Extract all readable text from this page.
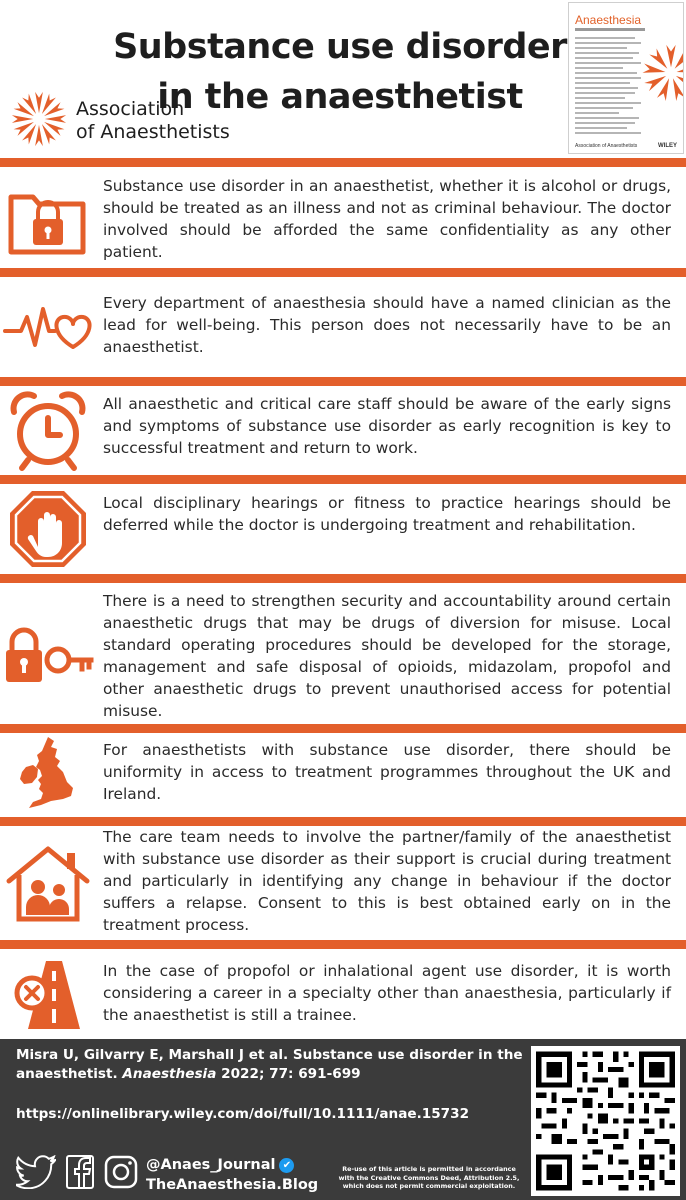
Substance use disorder
in the anaesthetist
Association
of Anaesthetists
Anaesthesia
Association of Anaesthetists	WILEY
Substance use disorder in an anaesthetist, whether it is alcohol or drugs, should be treated as an illness and not as criminal behaviour. The doctor involved should be afforded the same confidentiality as any other patient.
Every department of anaesthesia should have a named clinician as the lead for well-being. This person does not necessarily have to be an anaesthetist.
All anaesthetic and critical care staff should be aware of the early signs and symptoms of substance use disorder as early recognition is key to successful treatment and return to work.
Local disciplinary hearings or fitness to practice hearings should be deferred while the doctor is undergoing treatment and rehabilitation.
There is a need to strengthen security and accountability around certain anaesthetic drugs that may be drugs of diversion for misuse. Local standard operating procedures should be developed for the storage, management and safe disposal of opioids, midazolam, propofol and other anaesthetic drugs to prevent unauthorised access for potential misuse.
For anaesthetists with substance use disorder, there should be uniformity in access to treatment programmes throughout the UK and Ireland.
The care team needs to involve the partner/family of the anaesthetist with substance use disorder as their support is crucial during treatment and particularly in identifying any change in behaviour if the doctor suffers a relapse. Consent to this is best obtained early on in the treatment process.
In the case of propofol or inhalational agent use disorder, it is worth considering a career in a specialty other than anaesthesia, particularly if the anaesthetist is still a trainee.
Misra U, Gilvarry E, Marshall J et al. Substance use disorder in the anaesthetist. Anaesthesia 2022; 77: 691-699
https://onlinelibrary.wiley.com/doi/full/10.1111/anae.15732
@Anaes_Journal ✔
TheAnaesthesia.Blog
Re-use of this article is permitted in accordance with the Creative Commons Deed, Attribution 2.5, which does not permit commercial exploitation.
